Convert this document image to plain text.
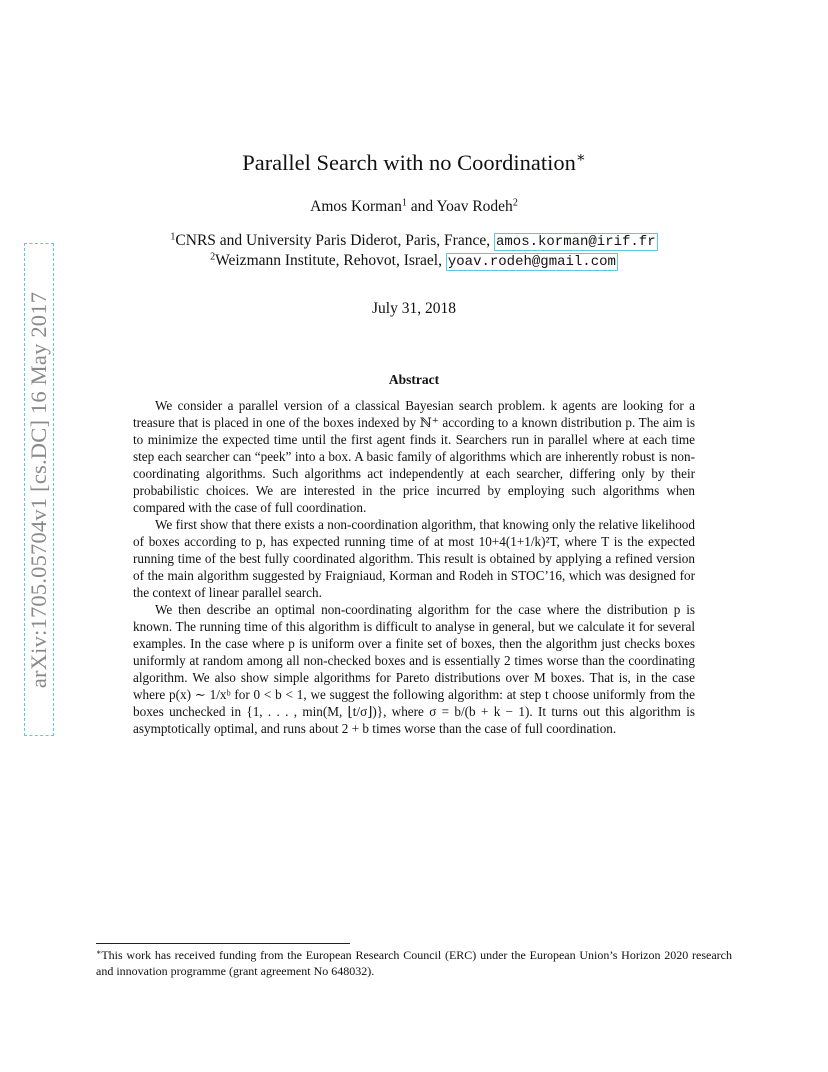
arXiv:1705.05704v1 [cs.DC] 16 May 2017
Parallel Search with no Coordination∗
Amos Korman$^1$ and Yoav Rodeh$^2$
$^1$CNRS and University Paris Diderot, Paris, France, amos.korman@irif.fr
$^2$Weizmann Institute, Rehovot, Israel, yoav.rodeh@gmail.com
July 31, 2018
Abstract

We consider a parallel version of a classical Bayesian search problem. k agents are looking for a treasure that is placed in one of the boxes indexed by ℕ⁺ according to a known distribution p. The aim is to minimize the expected time until the first agent finds it. Searchers run in parallel where at each time step each searcher can “peek” into a box. A basic family of algorithms which are inherently robust is non-coordinating algorithms. Such algorithms act independently at each searcher, differing only by their probabilistic choices. We are interested in the price incurred by employing such algorithms when compared with the case of full coordination.

We first show that there exists a non-coordination algorithm, that knowing only the relative likelihood of boxes according to p, has expected running time of at most 10+4(1+1/k)²T, where T is the expected running time of the best fully coordinated algorithm. This result is obtained by applying a refined version of the main algorithm suggested by Fraigniaud, Korman and Rodeh in STOC’16, which was designed for the context of linear parallel search.

We then describe an optimal non-coordinating algorithm for the case where the distribution p is known. The running time of this algorithm is difficult to analyse in general, but we calculate it for several examples. In the case where p is uniform over a finite set of boxes, then the algorithm just checks boxes uniformly at random among all non-checked boxes and is essentially 2 times worse than the coordinating algorithm. We also show simple algorithms for Pareto distributions over M boxes. That is, in the case where p(x) ∼ 1/xᵇ for 0 < b < 1, we suggest the following algorithm: at step t choose uniformly from the boxes unchecked in {1, . . . , min(M, ⌊t/σ⌋)}, where σ = b/(b + k − 1). It turns out this algorithm is asymptotically optimal, and runs about 2 + b times worse than the case of full coordination.

∗This work has received funding from the European Research Council (ERC) under the European Union’s Horizon 2020 research and innovation programme (grant agreement No 648032).
